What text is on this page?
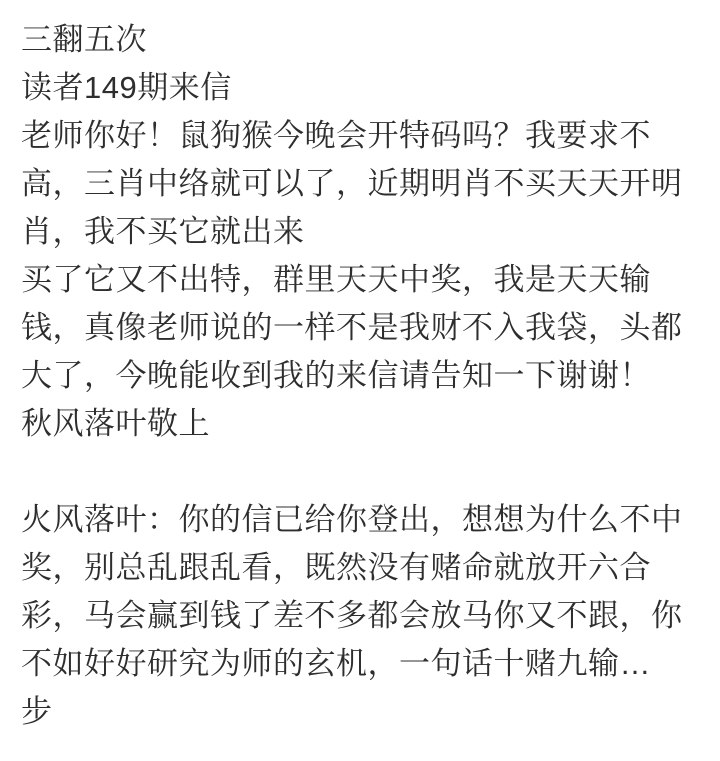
三翻五次
读者149期来信
老师你好！鼠狗猴今晚会开特码吗？我要求不
高，三肖中络就可以了，近期明肖不买天天开明
肖，我不买它就出来
买了它又不出特，群里天天中奖，我是天天输
钱，真像老师说的一样不是我财不入我袋，头都
大了，今晚能收到我的来信请告知一下谢谢！
秋风落叶敬上

火风落叶：你的信已给你登出，想想为什么不中
奖，别总乱跟乱看，既然没有赌命就放开六合
彩，马会赢到钱了差不多都会放马你又不跟，你
不如好好研究为师的玄机，一句话十赌九输…
步
